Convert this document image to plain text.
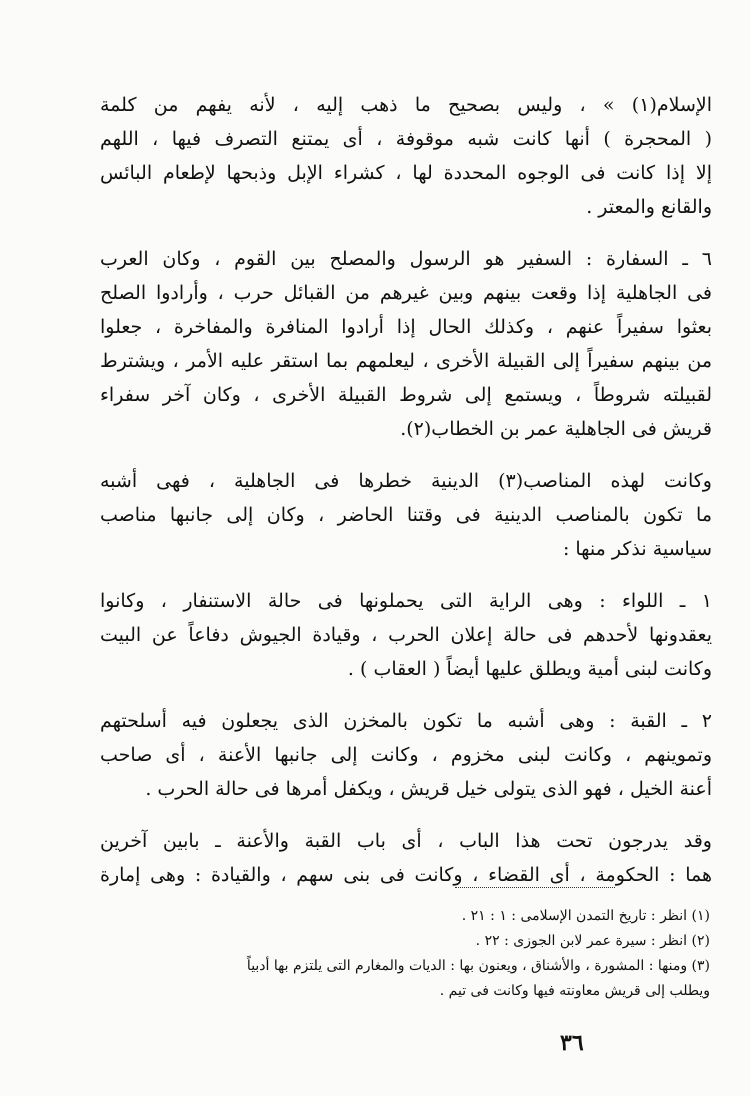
الإسلام(١) » ، وليس بصحيح ما ذهب إليه ، لأنه يفهم من كلمة
( المحجرة ) أنها كانت شبه موقوفة ، أى يمتنع التصرف فيها ، اللهم
إلا إذا كانت فى الوجوه المحددة لها ، كشراء الإبل وذبحها لإطعام البائس
والقانع والمعتر .

٦ ـ السفارة : السفير هو الرسول والمصلح بين القوم ، وكان العرب
فى الجاهلية إذا وقعت بينهم وبين غيرهم من القبائل حرب ، وأرادوا الصلح
بعثوا سفيراً عنهم ، وكذلك الحال إذا أرادوا المنافرة والمفاخرة ، جعلوا
من بينهم سفيراً إلى القبيلة الأخرى ، ليعلمهم بما استقر عليه الأمر ، ويشترط
لقبيلته شروطاً ، ويستمع إلى شروط القبيلة الأخرى ، وكان آخر سفراء
قريش فى الجاهلية عمر بن الخطاب(٢).

وكانت لهذه المناصب(٣) الدينية خطرها فى الجاهلية ، فهى أشبه
ما تكون بالمناصب الدينية فى وقتنا الحاضر ، وكان إلى جانبها مناصب
سياسية نذكر منها :

١ ـ اللواء : وهى الراية التى يحملونها فى حالة الاستنفار ، وكانوا
يعقدونها لأحدهم فى حالة إعلان الحرب ، وقيادة الجيوش دفاعاً عن البيت
وكانت لبنى أمية ويطلق عليها أيضاً ( العقاب ) .

٢ ـ القبة : وهى أشبه ما تكون بالمخزن الذى يجعلون فيه أسلحتهم
وتموينهم ، وكانت لبنى مخزوم ، وكانت إلى جانبها الأعنة ، أى صاحب
أعنة الخيل ، فهو الذى يتولى خيل قريش ، ويكفل أمرها فى حالة الحرب .

وقد يدرجون تحت هذا الباب ، أى باب القبة والأعنة ـ بابين آخرين
هما : الحكومة ، أى القضاء ، وكانت فى بنى سهم ، والقيادة : وهى إمارة

(١) انظر : تاريخ التمدن الإسلامى : ١ : ٢١ .
(٢) انظر : سيرة عمر لابن الجوزى : ٢٢ .
(٣) ومنها : المشورة ، والأشناق ، ويعنون بها : الديات والمغارم التى يلتزم بها أدبياً
ويطلب إلى قريش معاونته فيها وكانت فى تيم .
٣٦
